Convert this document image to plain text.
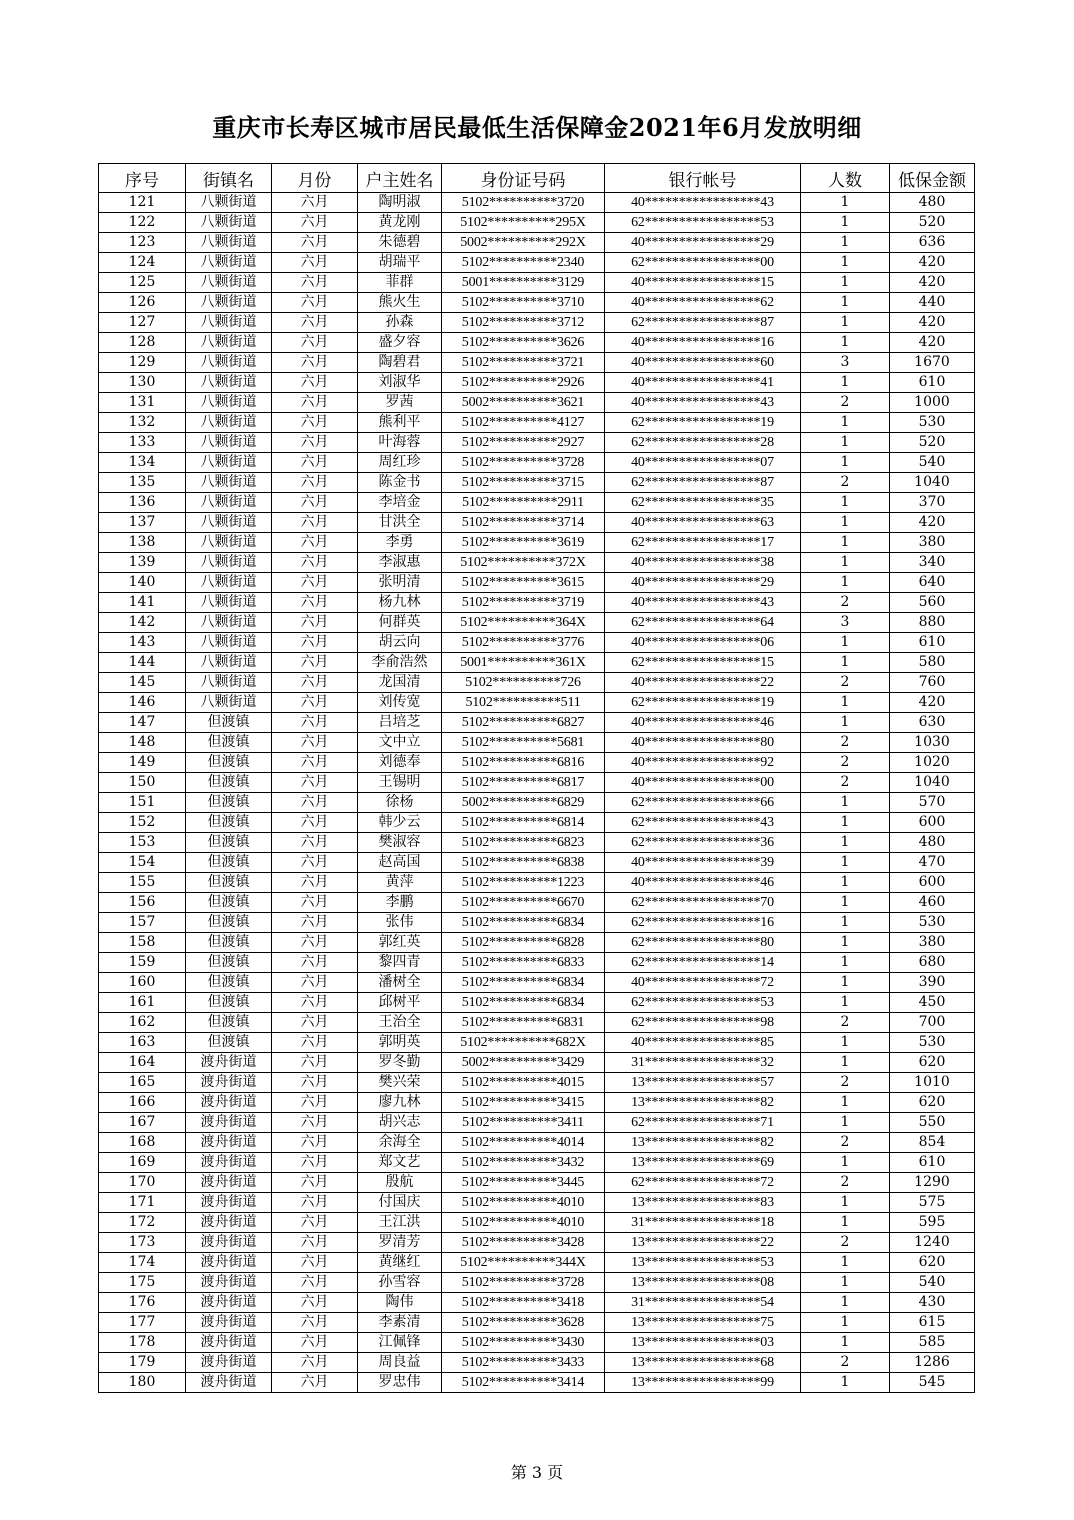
重庆市长寿区城市居民最低生活保障金2021年6月发放明细
序号	街镇名	月份	户主姓名	身份证号码	银行帐号	人数	低保金额
121	八颗街道	六月	陶明淑	5102**********3720	40*****************43	1	480
122	八颗街道	六月	黄龙刚	5102**********295X	62*****************53	1	520
123	八颗街道	六月	朱德碧	5002**********292X	40*****************29	1	636
124	八颗街道	六月	胡瑞平	5102**********2340	62*****************00	1	420
125	八颗街道	六月	菲群	5001**********3129	40*****************15	1	420
126	八颗街道	六月	熊火生	5102**********3710	40*****************62	1	440
127	八颗街道	六月	孙森	5102**********3712	62*****************87	1	420
128	八颗街道	六月	盛夕容	5102**********3626	40*****************16	1	420
129	八颗街道	六月	陶碧君	5102**********3721	40*****************60	3	1670
130	八颗街道	六月	刘淑华	5102**********2926	40*****************41	1	610
131	八颗街道	六月	罗茜	5002**********3621	40*****************43	2	1000
132	八颗街道	六月	熊利平	5102**********4127	62*****************19	1	530
133	八颗街道	六月	叶海蓉	5102**********2927	62*****************28	1	520
134	八颗街道	六月	周红珍	5102**********3728	40*****************07	1	540
135	八颗街道	六月	陈金书	5102**********3715	62*****************87	2	1040
136	八颗街道	六月	李培金	5102**********2911	62*****************35	1	370
137	八颗街道	六月	甘洪全	5102**********3714	40*****************63	1	420
138	八颗街道	六月	李勇	5102**********3619	62*****************17	1	380
139	八颗街道	六月	李淑惠	5102**********372X	40*****************38	1	340
140	八颗街道	六月	张明清	5102**********3615	40*****************29	1	640
141	八颗街道	六月	杨九林	5102**********3719	40*****************43	2	560
142	八颗街道	六月	何群英	5102**********364X	62*****************64	3	880
143	八颗街道	六月	胡云向	5102**********3776	40*****************06	1	610
144	八颗街道	六月	李俞浩然	5001**********361X	62*****************15	1	580
145	八颗街道	六月	龙国清	5102**********726	40*****************22	2	760
146	八颗街道	六月	刘传宽	5102**********511	62*****************19	1	420
147	但渡镇	六月	吕培芝	5102**********6827	40*****************46	1	630
148	但渡镇	六月	文中立	5102**********5681	40*****************80	2	1030
149	但渡镇	六月	刘德奉	5102**********6816	40*****************92	2	1020
150	但渡镇	六月	王锡明	5102**********6817	40*****************00	2	1040
151	但渡镇	六月	徐杨	5002**********6829	62*****************66	1	570
152	但渡镇	六月	韩少云	5102**********6814	62*****************43	1	600
153	但渡镇	六月	樊淑容	5102**********6823	62*****************36	1	480
154	但渡镇	六月	赵高国	5102**********6838	40*****************39	1	470
155	但渡镇	六月	黄萍	5102**********1223	40*****************46	1	600
156	但渡镇	六月	李鹏	5102**********6670	62*****************70	1	460
157	但渡镇	六月	张伟	5102**********6834	62*****************16	1	530
158	但渡镇	六月	郭红英	5102**********6828	62*****************80	1	380
159	但渡镇	六月	黎四青	5102**********6833	62*****************14	1	680
160	但渡镇	六月	潘树全	5102**********6834	40*****************72	1	390
161	但渡镇	六月	邱树平	5102**********6834	62*****************53	1	450
162	但渡镇	六月	王治全	5102**********6831	62*****************98	2	700
163	但渡镇	六月	郭明英	5102**********682X	40*****************85	1	530
164	渡舟街道	六月	罗冬勤	5002**********3429	31*****************32	1	620
165	渡舟街道	六月	樊兴荣	5102**********4015	13*****************57	2	1010
166	渡舟街道	六月	廖九林	5102**********3415	13*****************82	1	620
167	渡舟街道	六月	胡兴志	5102**********3411	62*****************71	1	550
168	渡舟街道	六月	余海全	5102**********4014	13*****************82	2	854
169	渡舟街道	六月	郑文艺	5102**********3432	13*****************69	1	610
170	渡舟街道	六月	殷航	5102**********3445	62*****************72	2	1290
171	渡舟街道	六月	付国庆	5102**********4010	13*****************83	1	575
172	渡舟街道	六月	王江洪	5102**********4010	31*****************18	1	595
173	渡舟街道	六月	罗清芳	5102**********3428	13*****************22	2	1240
174	渡舟街道	六月	黄继红	5102**********344X	13*****************53	1	620
175	渡舟街道	六月	孙雪容	5102**********3728	13*****************08	1	540
176	渡舟街道	六月	陶伟	5102**********3418	31*****************54	1	430
177	渡舟街道	六月	李素清	5102**********3628	13*****************75	1	615
178	渡舟街道	六月	江佩锋	5102**********3430	13*****************03	1	585
179	渡舟街道	六月	周良益	5102**********3433	13*****************68	2	1286
180	渡舟街道	六月	罗忠伟	5102**********3414	13*****************99	1	545
第 3 页
